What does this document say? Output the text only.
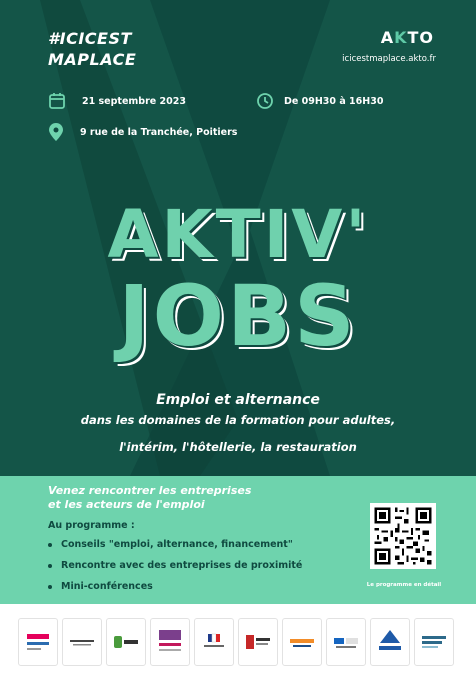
#ICICEST
MAPLACE
AKTO
icicestmaplace.akto.fr
21 septembre 2023	De 09H30 à 16H30
9 rue de la Tranchée, Poitiers
AKTIV'
JOBS
Emploi et alternance
dans les domaines de la formation pour adultes,
l'intérim, l'hôtellerie, la restauration
Venez rencontrer les entreprises
et les acteurs de l'emploi
Au programme :
Conseils "emploi, alternance, financement"
Rencontre avec des entreprises de proximité
Mini-conférences	Le programme en détail
